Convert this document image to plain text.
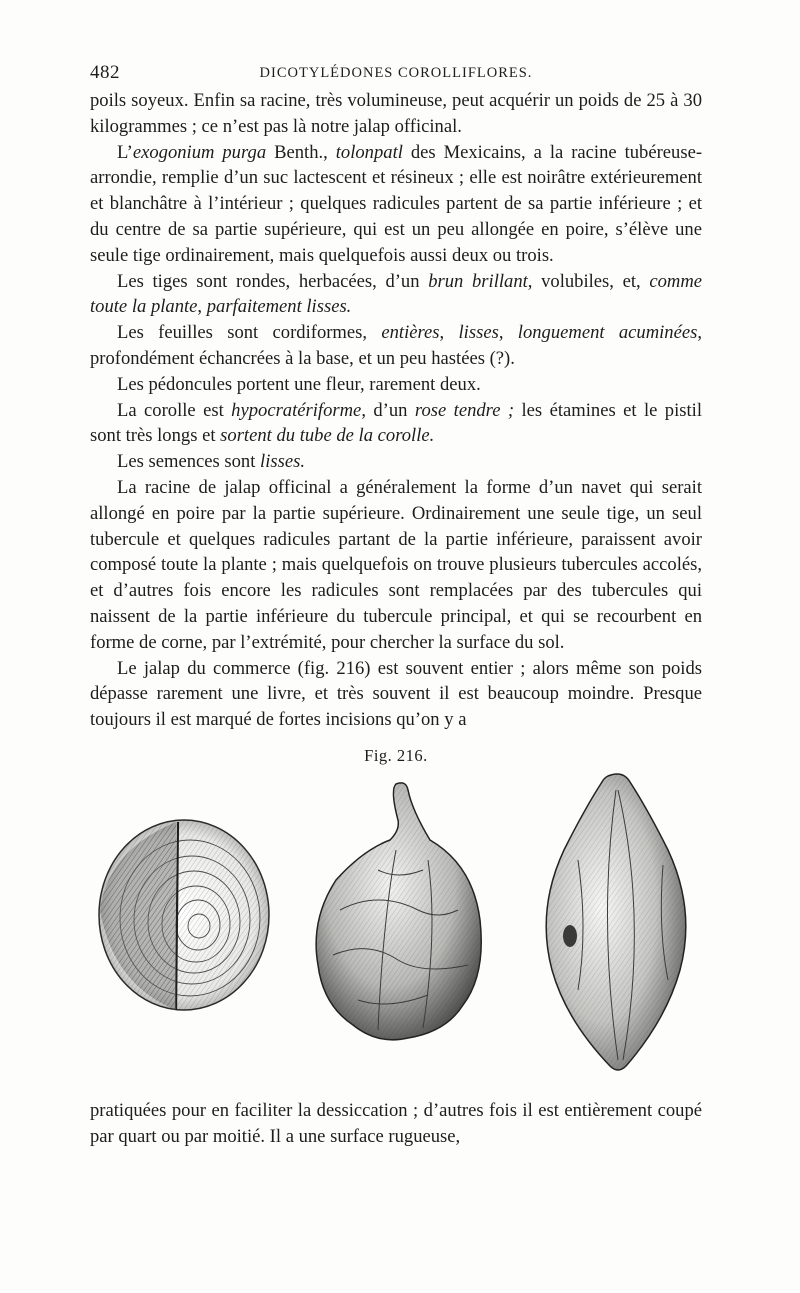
482	DICOTYLÉDONES COROLLIFLORES.

poils soyeux. Enfin sa racine, très volumineuse, peut acquérir un poids de 25 à 30 kilogrammes ; ce n’est pas là notre jalap officinal.

L’exogonium purga Benth., tolonpatl des Mexicains, a la racine tubéreuse-arrondie, remplie d’un suc lactescent et résineux ; elle est noirâtre extérieurement et blanchâtre à l’intérieur ; quelques radicules partent de sa partie inférieure ; et du centre de sa partie supérieure, qui est un peu allongée en poire, s’élève une seule tige ordinairement, mais quelquefois aussi deux ou trois.

Les tiges sont rondes, herbacées, d’un brun brillant, volubiles, et, comme toute la plante, parfaitement lisses.

Les feuilles sont cordiformes, entières, lisses, longuement acuminées, profondément échancrées à la base, et un peu hastées (?).

Les pédoncules portent une fleur, rarement deux.

La corolle est hypocratériforme, d’un rose tendre ; les étamines et le pistil sont très longs et sortent du tube de la corolle.

Les semences sont lisses.

La racine de jalap officinal a généralement la forme d’un navet qui serait allongé en poire par la partie supérieure. Ordinairement une seule tige, un seul tubercule et quelques radicules partant de la partie inférieure, paraissent avoir composé toute la plante ; mais quelquefois on trouve plusieurs tubercules accolés, et d’autres fois encore les radicules sont remplacées par des tubercules qui naissent de la partie inférieure du tubercule principal, et qui se recourbent en forme de corne, par l’extrémité, pour chercher la surface du sol.

Le jalap du commerce (fig. 216) est souvent entier ; alors même son poids dépasse rarement une livre, et très souvent il est beaucoup moindre. Presque toujours il est marqué de fortes incisions qu’on y a

Fig. 216.

pratiquées pour en faciliter la dessiccation ; d’autres fois il est entièrement coupé par quart ou par moitié. Il a une surface rugueuse,
